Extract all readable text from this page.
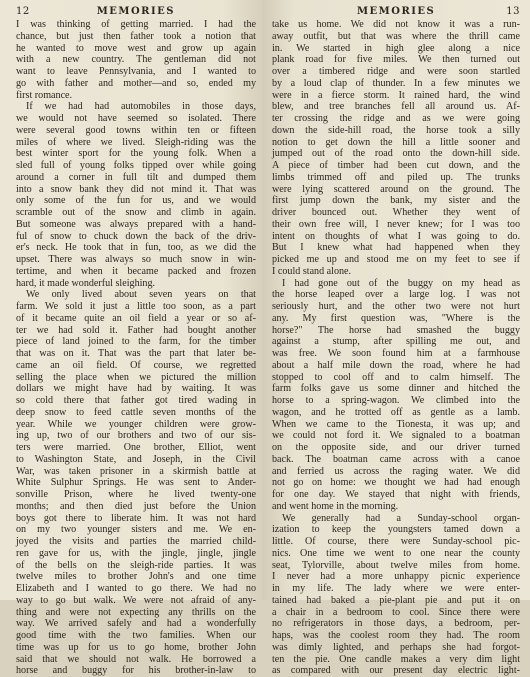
12	MEMORIES
I was thinking of getting married. I had the
chance, but just then father took a notion that
he wanted to move west and grow up again
with a new country. The gentleman did not
want to leave Pennsylvania, and I wanted to
go with father and mother—and so, ended my
first romance.
If we had had automobiles in those days,
we would not have seemed so isolated. There
were several good towns within ten or fifteen
miles of where we lived. Sleigh-riding was the
best winter sport for the young folk. When a
sled full of young folks tipped over while going
around a corner in full tilt and dumped them
into a snow bank they did not mind it. That was
only some of the fun for us, and we would
scramble out of the snow and climb in again.
But someone was always prepared with a hand-
ful of snow to chuck down the back of the driv-
er's neck. He took that in fun, too, as we did the
upset. There was always so much snow in win-
tertime, and when it became packed and frozen
hard, it made wonderful sleighing.
We only lived about seven years on that
farm. We sold it just a little too soon, as a part
of it became quite an oil field a year or so af-
ter we had sold it. Father had bought another
piece of land joined to the farm, for the timber
that was on it. That was the part that later be-
came an oil field. Of course, we regretted
selling the place when we pictured the million
dollars we might have had by waiting. It was
so cold there that father got tired wading in
deep snow to feed cattle seven months of the
year. While we younger children were grow-
ing up, two of our brothers and two of our sis-
ters were married. One brother, Elliot, went
to Washington State, and Joseph, in the Civil
War, was taken prisoner in a skirmish battle at
White Sulphur Springs. He was sent to Ander-
sonville Prison, where he lived twenty-one
months; and then died just before the Union
boys got there to liberate him. It was not hard
on my two younger sisters and me. We en-
joyed the visits and parties the married child-
ren gave for us, with the jingle, jingle, jingle
of the bells on the sleigh-ride parties. It was
twelve miles to brother John's and one time
Elizabeth and I wanted to go there. We had no
way to go but walk. We were not afraid of any-
thing and were not expecting any thrills on the
way. We arrived safely and had a wonderfully
good time with the two families. When our
time was up for us to go home, brother John
said that we should not walk. He borrowed a
horse and buggy for his brother-in-law to
MEMORIES	13
take us home. We did not know it was a run-
away outfit, but that was where the thrill came
in. We started in high glee along a nice
plank road for five miles. We then turned out
over a timbered ridge and were soon startled
by a loud clap of thunder. In a few minutes we
were in a fierce storm. It rained hard, the wind
blew, and tree branches fell all around us. Af-
ter crossing the ridge and as we were going
down the side-hill road, the horse took a silly
notion to get down the hill a little sooner and
jumped out of the road onto the down-hill side.
A piece of timber had been cut down, and the
limbs trimmed off and piled up. The trunks
were lying scattered around on the ground. The
first jump down the bank, my sister and the
driver bounced out. Whether they went of
their own free will, I never knew; for I was too
intent on thoughts of what I was going to do.
But I knew what had happened when they
picked me up and stood me on my feet to see if
I could stand alone.
I had gone out of the buggy on my head as
the horse leaped over a large log. I was not
seriously hurt, and the other two were not hurt
any. My first question was, "Where is the
horse?" The horse had smashed the buggy
against a stump, after spilling me out, and
was free. We soon found him at a farmhouse
about a half mile down the road, where he had
stopped to cool off and to calm himself. The
farm folks gave us some dinner and hitched the
horse to a spring-wagon. We climbed into the
wagon, and he trotted off as gentle as a lamb.
When we came to the Tionesta, it was up; and
we could not ford it. We signaled to a boatman
on the opposite side, and our driver turned
back. The boatman came across with a canoe
and ferried us across the raging water. We did
not go on home: we thought we had had enough
for one day. We stayed that night with friends,
and went home in the morning.
We generally had a Sunday-school organ-
ization to keep the youngsters tamed down a
little. Of course, there were Sunday-school pic-
nics. One time we went to one near the county
seat, Tylorville, about twelve miles from home.
I never had a more unhappy picnic experience
in my life. The lady where we were enter-
tained had baked a pie-plant pie and put it on
a chair in a bedroom to cool. Since there were
no refrigerators in those days, a bedroom, per-
haps, was the coolest room they had. The room
was dimly lighted, and perhaps she had forgot-
ten the pie. One candle makes a very dim light
as compared with our present day electric light-
